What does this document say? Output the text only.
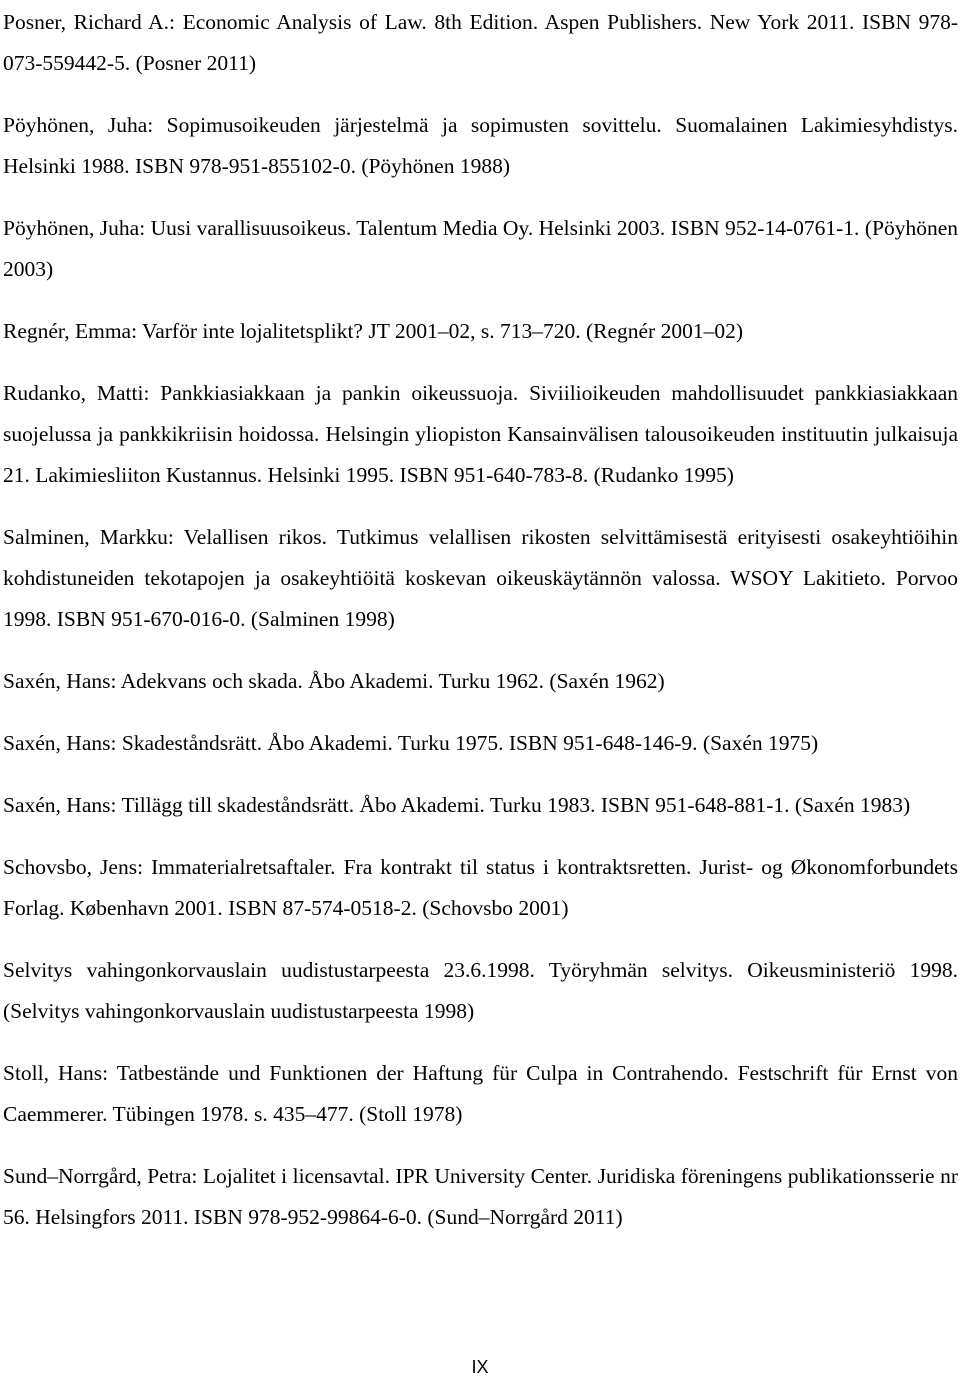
Posner, Richard A.: Economic Analysis of Law. 8th Edition. Aspen Publishers. New York 2011. ISBN 978-073-559442-5. (Posner 2011)

Pöyhönen, Juha: Sopimusoikeuden järjestelmä ja sopimusten sovittelu. Suomalainen Lakimiesyhdistys. Helsinki 1988. ISBN 978-951-855102-0. (Pöyhönen 1988)

Pöyhönen, Juha: Uusi varallisuusoikeus. Talentum Media Oy. Helsinki 2003. ISBN 952-14-0761-1. (Pöyhönen 2003)

Regnér, Emma: Varför inte lojalitetsplikt? JT 2001–02, s. 713–720. (Regnér 2001–02)

Rudanko, Matti: Pankkiasiakkaan ja pankin oikeussuoja. Siviilioikeuden mahdollisuudet pankkiasiakkaan suojelussa ja pankkikriisin hoidossa. Helsingin yliopiston Kansainvälisen talousoikeuden instituutin julkaisuja 21. Lakimiesliiton Kustannus. Helsinki 1995. ISBN 951-640-783-8. (Rudanko 1995)

Salminen, Markku: Velallisen rikos. Tutkimus velallisen rikosten selvittämisestä erityisesti osakeyhtiöihin kohdistuneiden tekotapojen ja osakeyhtiöitä koskevan oikeuskäytännön valossa. WSOY Lakitieto. Porvoo 1998. ISBN 951-670-016-0. (Salminen 1998)

Saxén, Hans: Adekvans och skada. Åbo Akademi. Turku 1962. (Saxén 1962)

Saxén, Hans: Skadeståndsrätt. Åbo Akademi. Turku 1975. ISBN 951-648-146-9. (Saxén 1975)

Saxén, Hans: Tillägg till skadeståndsrätt. Åbo Akademi. Turku 1983. ISBN 951-648-881-1. (Saxén 1983)

Schovsbo, Jens: Immaterialretsaftaler. Fra kontrakt til status i kontraktsretten. Jurist- og Økonomforbundets Forlag. København 2001. ISBN 87-574-0518-2. (Schovsbo 2001)

Selvitys vahingonkorvauslain uudistustarpeesta 23.6.1998. Työryhmän selvitys. Oikeusministeriö 1998. (Selvitys vahingonkorvauslain uudistustarpeesta 1998)

Stoll, Hans: Tatbestände und Funktionen der Haftung für Culpa in Contrahendo. Festschrift für Ernst von Caemmerer. Tübingen 1978. s. 435–477. (Stoll 1978)

Sund–Norrgård, Petra: Lojalitet i licensavtal. IPR University Center. Juridiska föreningens publikationsserie nr 56. Helsingfors 2011. ISBN 978-952-99864-6-0. (Sund–Norrgård 2011)

IX
